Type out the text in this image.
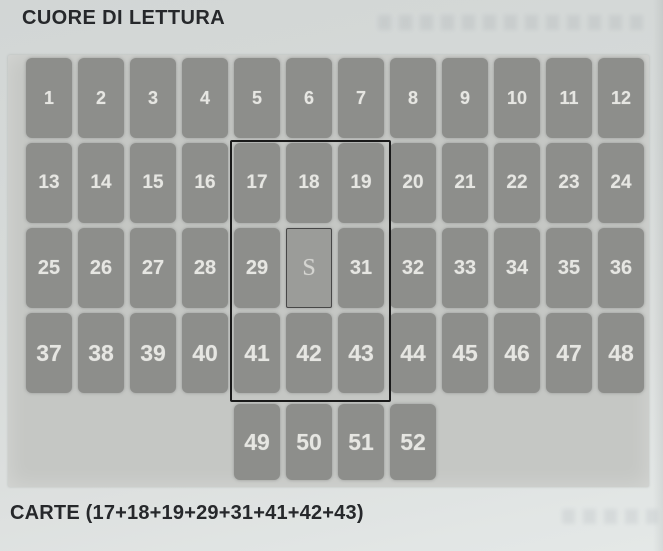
CUORE DI LETTURA
1	2	3	4	5	6	7	8	9	10	11	12
13	14	15	16	17	18	19	20	21	22	23	24
25	26	27	28	29	S	31	32	33	34	35	36
37	38	39	40	41	42	43	44	45	46	47	48
49	50	51	52
CARTE (17+18+19+29+31+41+42+43)
